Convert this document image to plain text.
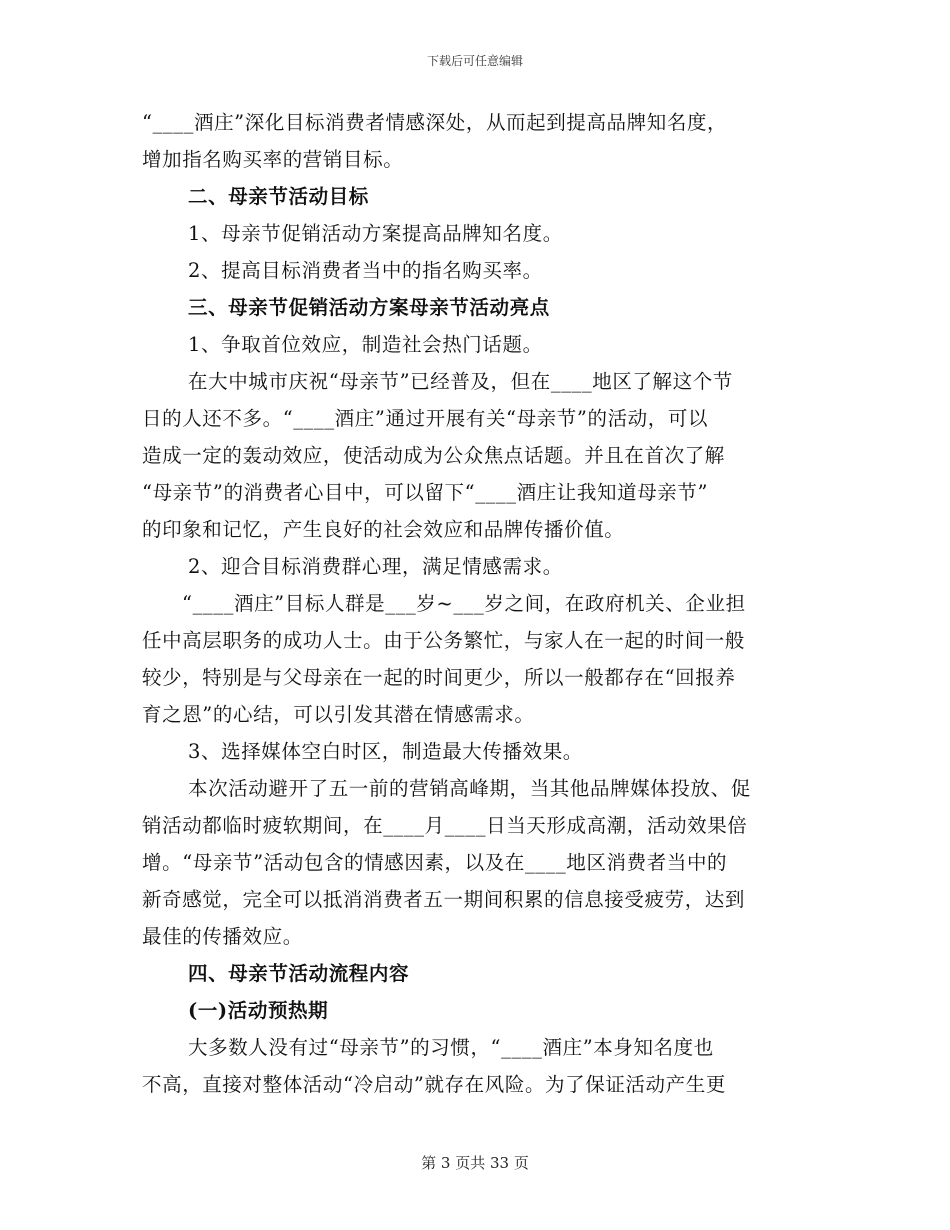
下载后可任意编辑
“____酒庄”深化目标消费者情感深处，从而起到提高品牌知名度，
增加指名购买率的营销目标。
二、母亲节活动目标
1、母亲节促销活动方案提高品牌知名度。
2、提高目标消费者当中的指名购买率。
三、母亲节促销活动方案母亲节活动亮点
1、争取首位效应，制造社会热门话题。
在大中城市庆祝“母亲节”已经普及，但在____地区了解这个节
日的人还不多。“____酒庄”通过开展有关“母亲节”的活动，可以
造成一定的轰动效应，使活动成为公众焦点话题。并且在首次了解
“母亲节”的消费者心目中，可以留下“____酒庄让我知道母亲节”
的印象和记忆，产生良好的社会效应和品牌传播价值。
2、迎合目标消费群心理，满足情感需求。
“____酒庄”目标人群是___岁~___岁之间，在政府机关、企业担
任中高层职务的成功人士。由于公务繁忙，与家人在一起的时间一般
较少，特别是与父母亲在一起的时间更少，所以一般都存在“回报养
育之恩”的心结，可以引发其潜在情感需求。
3、选择媒体空白时区，制造最大传播效果。
本次活动避开了五一前的营销高峰期，当其他品牌媒体投放、促
销活动都临时疲软期间，在____月____日当天形成高潮，活动效果倍
增。“母亲节”活动包含的情感因素，以及在____地区消费者当中的
新奇感觉，完全可以抵消消费者五一期间积累的信息接受疲劳，达到
最佳的传播效应。
四、母亲节活动流程内容
(一)活动预热期
大多数人没有过“母亲节”的习惯，“____酒庄”本身知名度也
不高，直接对整体活动“冷启动”就存在风险。为了保证活动产生更
第 3 页共 33 页
